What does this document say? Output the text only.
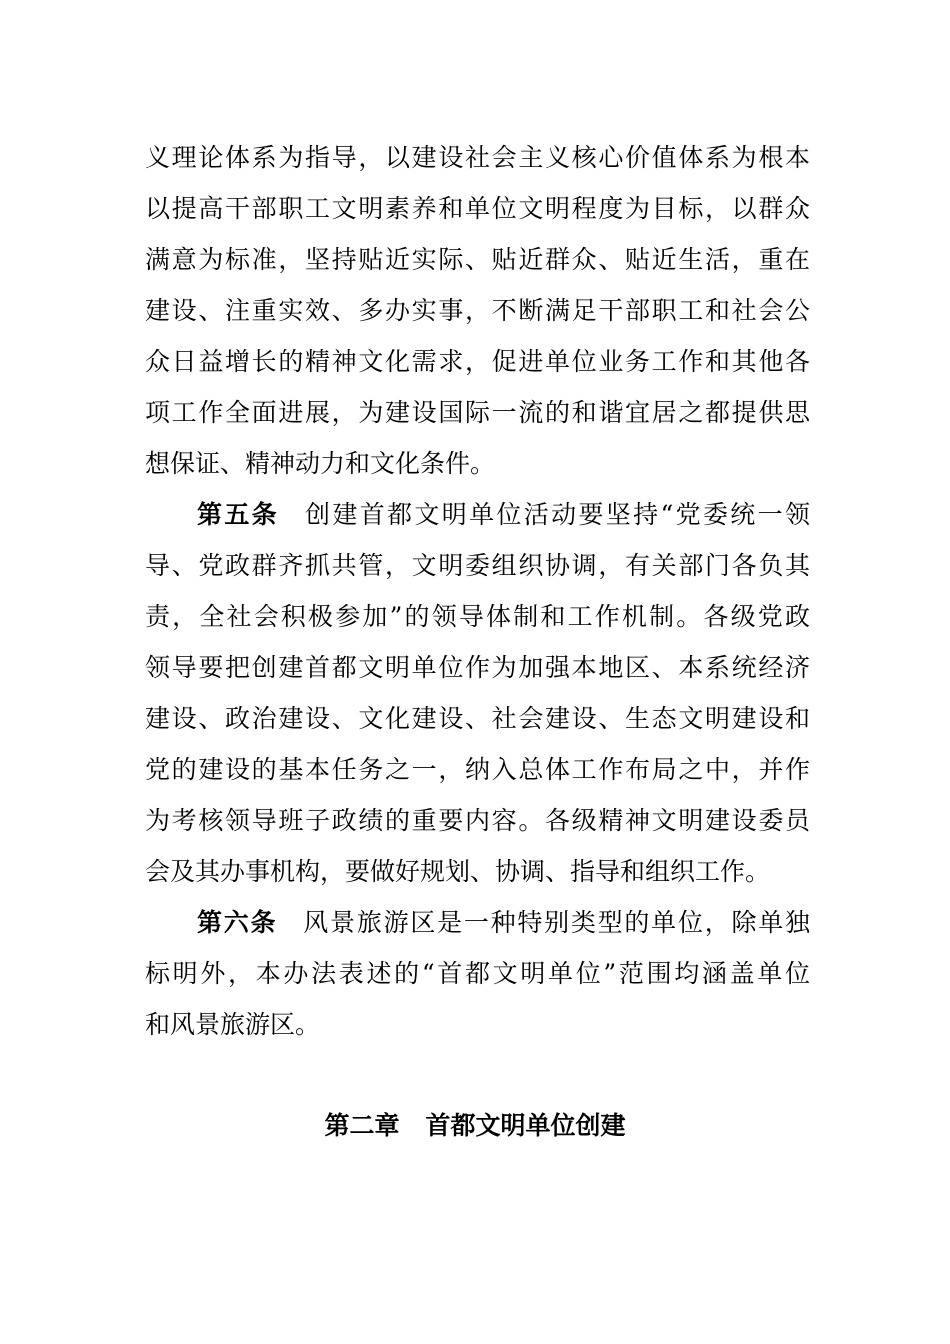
义理论体系为指导，以建设社会主义核心价值体系为根本
以提高干部职工文明素养和单位文明程度为目标，以群众
满意为标准，坚持贴近实际、贴近群众、贴近生活，重在
建设、注重实效、多办实事，不断满足干部职工和社会公
众日益增长的精神文化需求，促进单位业务工作和其他各
项工作全面进展，为建设国际一流的和谐宜居之都提供思
想保证、精神动力和文化条件。
第五条 创建首都文明单位活动要坚持“党委统一领
导、党政群齐抓共管，文明委组织协调，有关部门各负其
责，全社会积极参加”的领导体制和工作机制。各级党政
领导要把创建首都文明单位作为加强本地区、本系统经济
建设、政治建设、文化建设、社会建设、生态文明建设和
党的建设的基本任务之一，纳入总体工作布局之中，并作
为考核领导班子政绩的重要内容。各级精神文明建设委员
会及其办事机构，要做好规划、协调、指导和组织工作。
第六条 风景旅游区是一种特别类型的单位，除单独
标明外，本办法表述的“首都文明单位”范围均涵盖单位
和风景旅游区。
第二章 首都文明单位创建
